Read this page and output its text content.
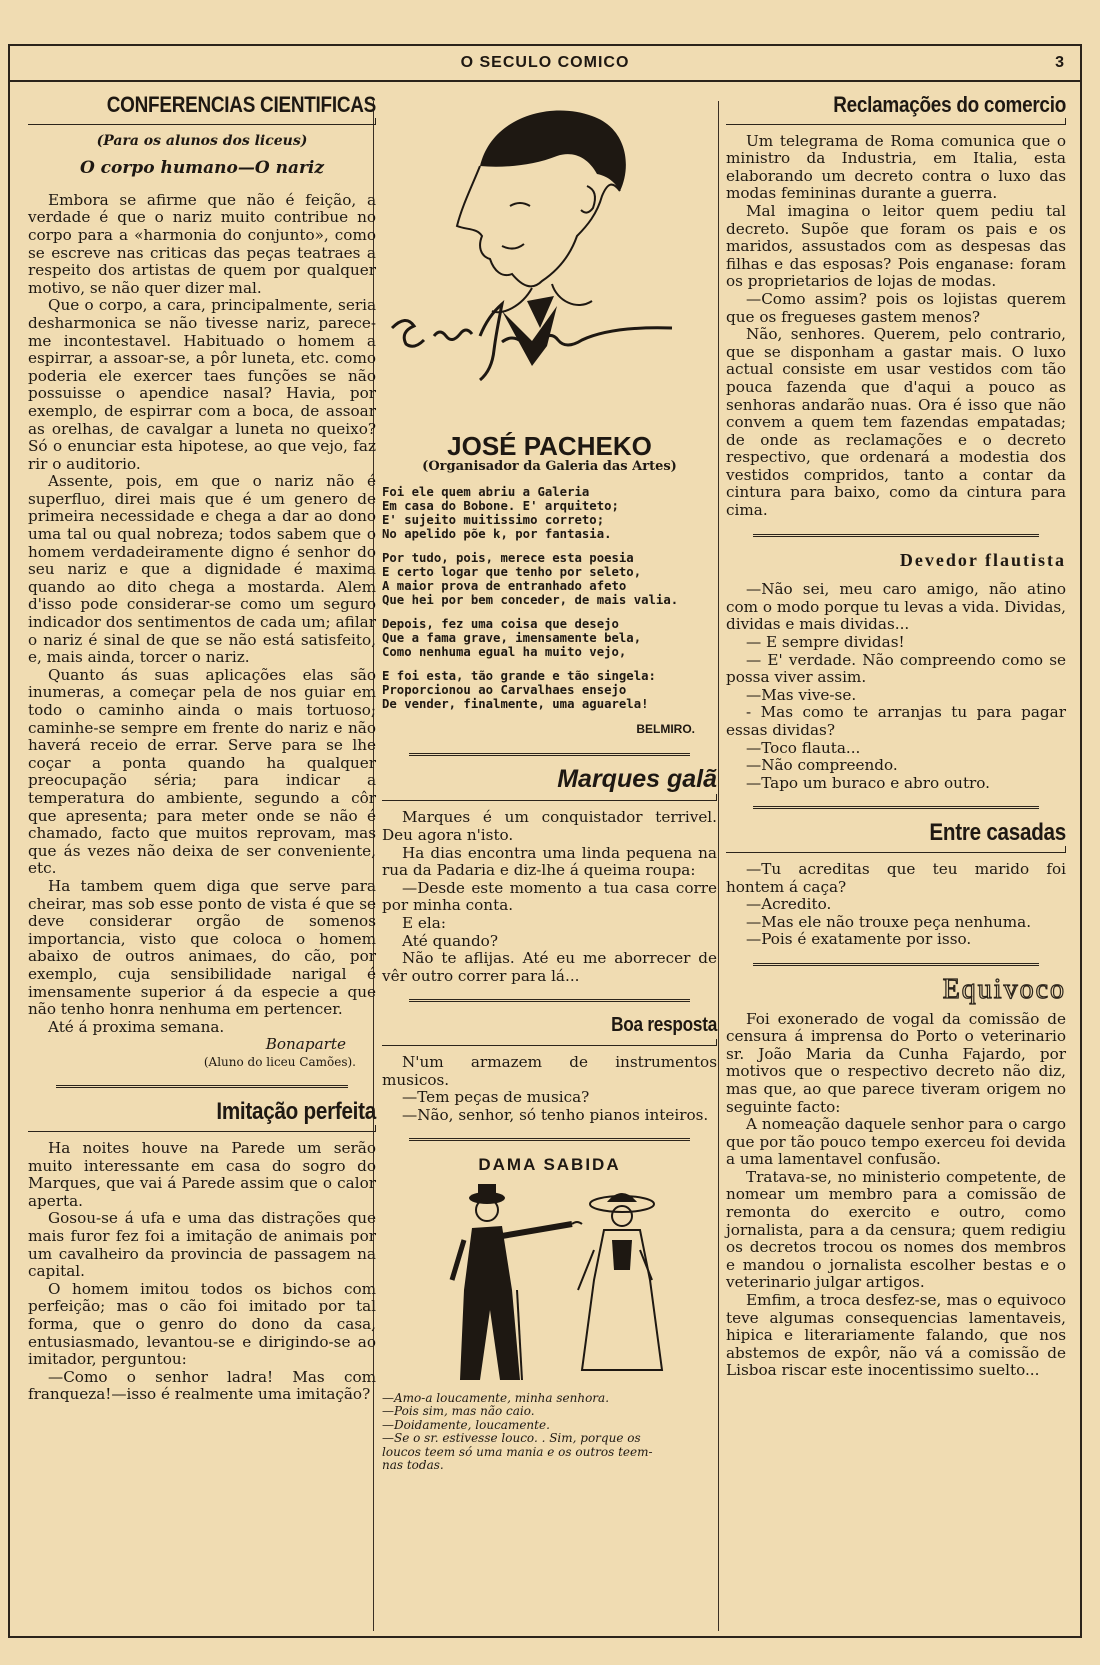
O SECULO COMICO	3
CONFERENCIAS CIENTIFICAS
(Para os alunos dos liceus)
O corpo humano—O nariz

Embora se afirme que não é feição, a verdade é que o nariz muito contribue no corpo para a «harmonia do conjunto», como se escreve nas criticas das peças teatraes a respeito dos artistas de quem por qualquer motivo, se não quer dizer mal.

Que o corpo, a cara, principalmente, seria desharmonica se não tivesse nariz, parece-me incontestavel. Habituado o homem a espirrar, a assoar-se, a pôr luneta, etc. como poderia ele exercer taes funções se não possuisse o apendice nasal? Havia, por exemplo, de espirrar com a boca, de assoar as orelhas, de cavalgar a luneta no queixo? Só o enunciar esta hipotese, ao que vejo, faz rir o auditorio.

Assente, pois, em que o nariz não é superfluo, direi mais que é um genero de primeira necessidade e chega a dar ao dono uma tal ou qual nobreza; todos sabem que o homem verdadeiramente digno é senhor do seu nariz e que a dignidade é maxima quando ao dito chega a mostarda. Alem d'isso pode considerar-se como um seguro indicador dos sentimentos de cada um; afilar o nariz é sinal de que se não está satisfeito, e, mais ainda, torcer o nariz.

Quanto ás suas aplicações elas são inumeras, a começar pela de nos guiar em todo o caminho ainda o mais tortuoso; caminhe-se sempre em frente do nariz e não haverá receio de errar. Serve para se lhe coçar a ponta quando ha qualquer preocupação séria; para indicar a temperatura do ambiente, segundo a côr que apresenta; para meter onde se não é chamado, facto que muitos reprovam, mas que ás vezes não deixa de ser conveniente, etc.

Ha tambem quem diga que serve para cheirar, mas sob esse ponto de vista é que se deve considerar orgão de somenos importancia, visto que coloca o homem abaixo de outros animaes, do cão, por exemplo, cuja sensibilidade narigal é imensamente superior á da especie a que não tenho honra nenhuma em pertencer.

Até á proxima semana.

Bonaparte
(Aluno do liceu Camões).
Imitação perfeita

Ha noites houve na Parede um serão muito interessante em casa do sogro do Marques, que vai á Parede assim que o calor aperta.

Gosou-se á ufa e uma das distrações que mais furor fez foi a imitação de animais por um cavalheiro da provincia de passagem na capital.

O homem imitou todos os bichos com perfeição; mas o cão foi imitado por tal forma, que o genro do dono da casa, entusiasmado, levantou-se e dirigindo-se ao imitador, perguntou:

—Como o senhor ladra! Mas com franqueza!—isso é realmente uma imitação?

JOSÉ PACHEKO
(Organisador da Galeria das Artes)
Foi ele quem abriu a Galeria
Em casa do Bobone. E' arquiteto;
E' sujeito muitissimo correto;
No apelido põe k, por fantasia.
Por tudo, pois, merece esta poesia
E certo logar que tenho por seleto,
A maior prova de entranhado afeto
Que hei por bem conceder, de mais valia.
Depois, fez uma coisa que desejo
Que a fama grave, imensamente bela,
Como nenhuma egual ha muito vejo,
E foi esta, tão grande e tão singela:
Proporcionou ao Carvalhaes ensejo
De vender, finalmente, uma aguarela!
BELMIRO.
Marques galã

Marques é um conquistador terrivel. Deu agora n'isto.

Ha dias encontra uma linda pequena na rua da Padaria e diz-lhe á queima roupa:

—Desde este momento a tua casa corre por minha conta.

E ela:

Até quando?

Não te aflijas. Até eu me aborrecer de vêr outro correr para lá...

Boa resposta

N'um armazem de instrumentos musicos.

—Tem peças de musica?

—Não, senhor, só tenho pianos inteiros.

DAMA SABIDA
—Amo-a loucamente, minha senhora.
—Pois sim, mas não caio.
—Doidamente, loucamente.
—Se o sr. estivesse louco. . Sim, porque os
loucos teem só uma mania e os outros teem-
nas todas.
Reclamações do comercio

Um telegrama de Roma comunica que o ministro da Industria, em Italia, esta elaborando um decreto contra o luxo das modas femininas durante a guerra.

Mal imagina o leitor quem pediu tal decreto. Supõe que foram os pais e os maridos, assustados com as despesas das filhas e das esposas? Pois enganase: foram os proprietarios de lojas de modas.

—Como assim? pois os lojistas querem que os fregueses gastem menos?

Não, senhores. Querem, pelo contrario, que se disponham a gastar mais. O luxo actual consiste em usar vestidos com tão pouca fazenda que d'aqui a pouco as senhoras andarão nuas. Ora é isso que não convem a quem tem fazendas empatadas; de onde as reclamações e o decreto respectivo, que ordenará a modestia dos vestidos compridos, tanto a contar da cintura para baixo, como da cintura para cima.

Devedor flautista

—Não sei, meu caro amigo, não atino com o modo porque tu levas a vida. Dividas, dividas e mais dividas...

— E sempre dividas!

— E' verdade. Não compreendo como se possa viver assim.

—Mas vive-se.

- Mas como te arranjas tu para pagar essas dividas?

—Toco flauta...

—Não compreendo.

—Tapo um buraco e abro outro.

Entre casadas

—Tu acreditas que teu marido foi hontem á caça?

—Acredito.

—Mas ele não trouxe peça nenhuma.

—Pois é exatamente por isso.

Equivoco

Foi exonerado de vogal da comissão de censura á imprensa do Porto o veterinario sr. João Maria da Cunha Fajardo, por motivos que o respectivo decreto não diz, mas que, ao que parece tiveram origem no seguinte facto:

A nomeação daquele senhor para o cargo que por tão pouco tempo exerceu foi devida a uma lamentavel confusão.

Tratava-se, no ministerio competente, de nomear um membro para a comissão de remonta do exercito e outro, como jornalista, para a da censura; quem redigiu os decretos trocou os nomes dos membros e mandou o jornalista escolher bestas e o veterinario julgar artigos.

Emfim, a troca desfez-se, mas o equivoco teve algumas consequencias lamentaveis, hipica e literariamente falando, que nos abstemos de expôr, não vá a comissão de Lisboa riscar este inocentissimo suelto...
